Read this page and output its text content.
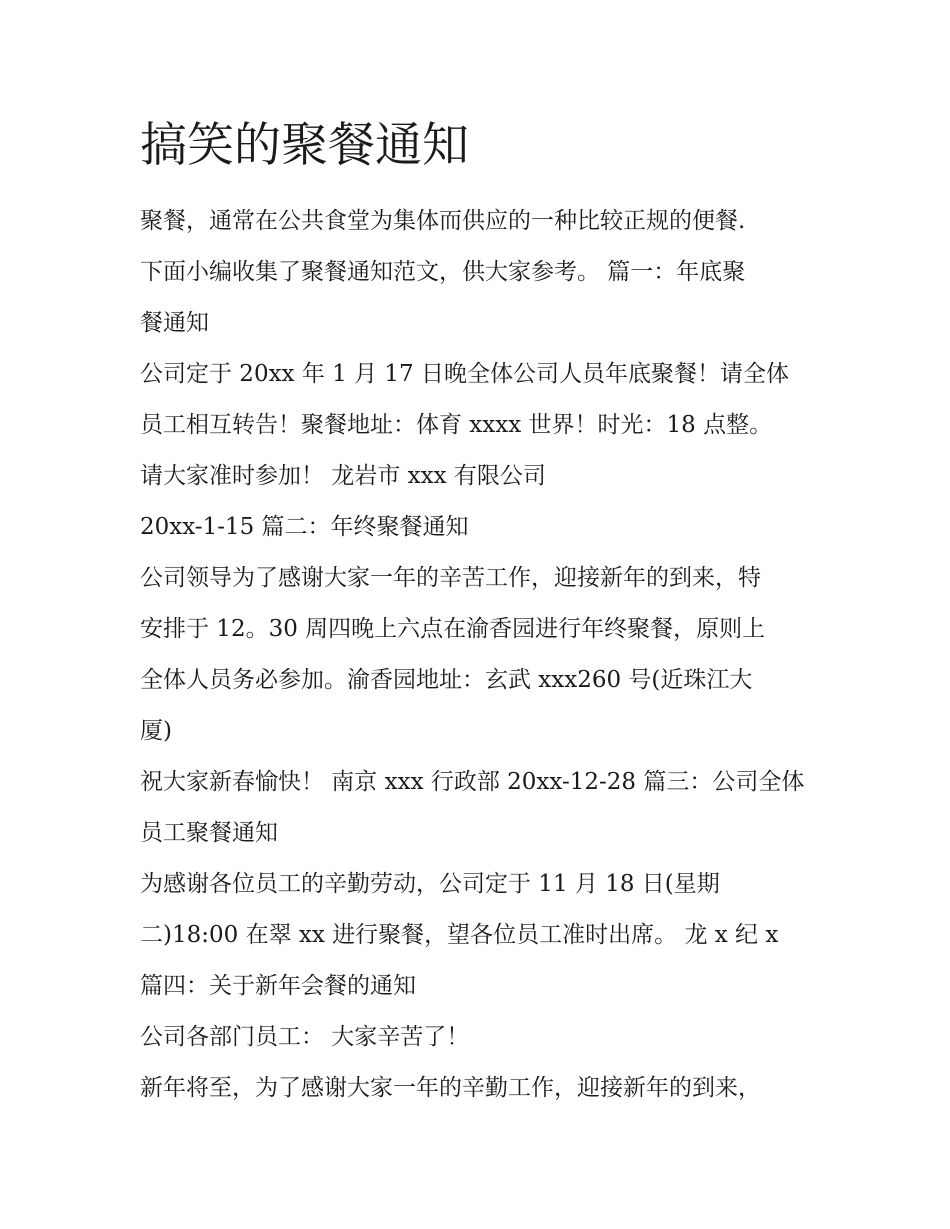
搞笑的聚餐通知

聚餐，通常在公共食堂为集体而供应的一种比较正规的便餐.

下面小编收集了聚餐通知范文，供大家参考。 篇一：年底聚

餐通知

公司定于 20xx 年 1 月 17 日晚全体公司人员年底聚餐！请全体

员工相互转告！聚餐地址：体育 xxxx 世界！时光：18 点整。

请大家准时参加！ 龙岩市 xxx 有限公司

20xx-1-15 篇二：年终聚餐通知

公司领导为了感谢大家一年的辛苦工作，迎接新年的到来，特

安排于 12。30 周四晚上六点在渝香园进行年终聚餐，原则上

全体人员务必参加。渝香园地址：玄武 xxx260 号(近珠江大

厦)

祝大家新春愉快！ 南京 xxx 行政部 20xx-12-28 篇三：公司全体

员工聚餐通知

为感谢各位员工的辛勤劳动，公司定于 11 月 18 日(星期

二)18:00 在翠 xx 进行聚餐，望各位员工准时出席。 龙 x 纪 x

篇四：关于新年会餐的通知

公司各部门员工： 大家辛苦了！

新年将至，为了感谢大家一年的辛勤工作，迎接新年的到来，
